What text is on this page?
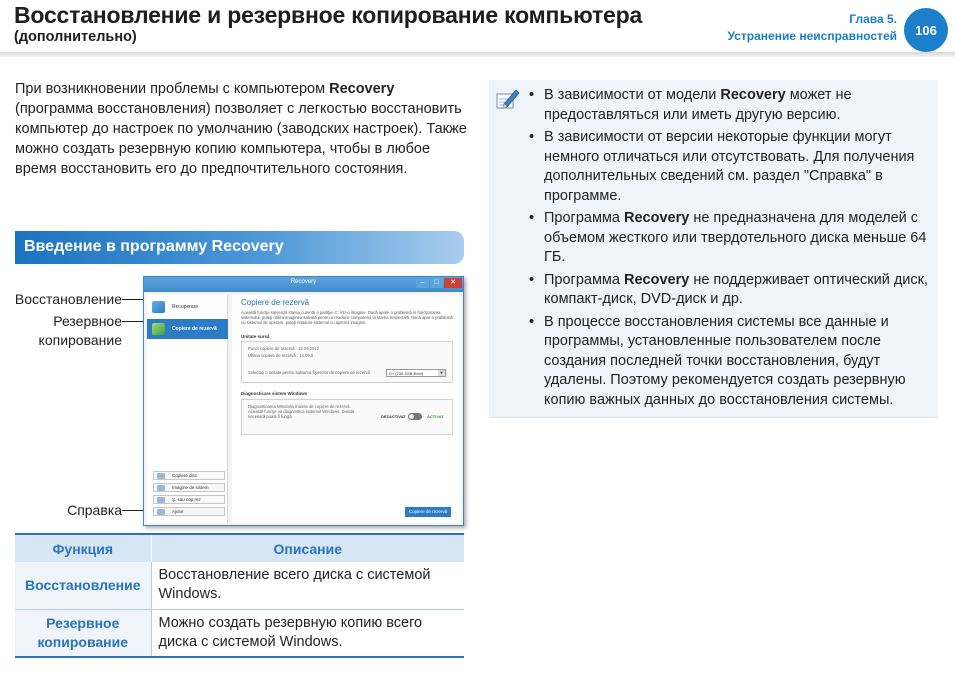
Восстановление и резервное копирование компьютера
(дополнительно)
Глава 5.
Устранение неисправностей	106

При возникновении проблемы с компьютером Recovery (программа восстановления) позволяет с легкостью восстановить компьютер до настроек по умолчанию (заводских настроек). Также можно создать резервную копию компьютера, чтобы в любое время восстановить его до предпочтительного состояния.

Введение в программу Recovery
Восстановление
Резервное
копирование
Справка
Recovery	–	□	✕
Recuperare
Copiere de rezervă
Copiere disc
Imagine de sistem
Ş. sau cop.rez
Ajutor
Copiere de rezervă
Această funcţie salvează starea curentă a partiţiei C: într-o imagine. Dacă apare o problemă în funcţionarea sistemului, puteţi utiliza imaginea salvată pentru a readuce computerul la starea respectivă. Dacă apar o problemă cu sistemul de operare, puteţi restaura sistemul cu ajutorul imaginii.
Unitate sursă
Punct copiere de rezervă : 12.09.2012
Ultima copiere de rezervă : 14.09.0
Selectaţi o unitate pentru salvarea fişierelor de copiere de rezervă	D:\ (230.3GB liberi)	▼
Diagnosticare sistem Windows
Diagnosticarea Windows înainte de copiere de rezervă. Această funcţie va diagnostica sistemul Windows. Durata necesară poate fi lungă.	DEZACTIVAT	ACTIVAT
Copiere de rezervă
Функция	Описание
Восстановление	Восстановление всего диска с системой Windows.
Резервное копирование	Можно создать резервную копию всего диска с системой Windows.
• В зависимости от модели Recovery может не предоставляться или иметь другую версию.
• В зависимости от версии некоторые функции могут немного отличаться или отсутствовать. Для получения дополнительных сведений см. раздел "Справка" в программе.
• Программа Recovery не предназначена для моделей с объемом жесткого или твердотельного диска меньше 64 ГБ.
• Программа Recovery не поддерживает оптический диск, компакт-диск, DVD-диск и др.
• В процессе восстановления системы все данные и программы, установленные пользователем после создания последней точки восстановления, будут удалены. Поэтому рекомендуется создать резервную копию важных данных до восстановления системы.
